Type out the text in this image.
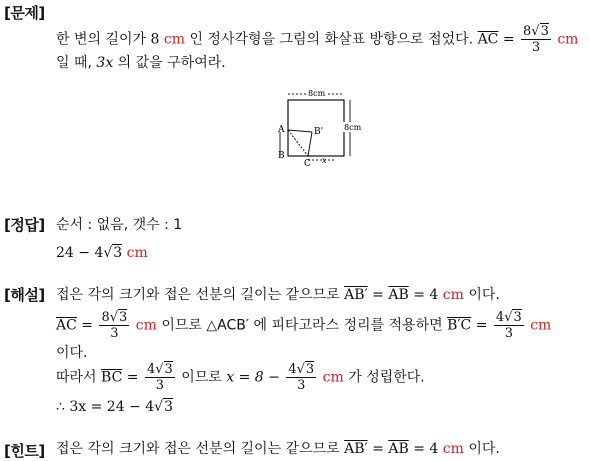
[문제]
한 변의 길이가 8 cm 인 정사각형을 그림의 화살표 방향으로 접었다. $\overline{AC} = \frac{8√3}{3}$ cm
일 때, 3x 의 값을 구하여라.
8cm
8cm
A
B
B'
C x
[정답] 순서 : 없음, 갯수 : 1
24 − 4√3 cm
[해설] 접은 각의 크기와 접은 선분의 길이는 같으므로 $AB' = \overline{AB} = 4$ cm 이다.
$\overline{AC} = \frac{8√3}{3}$ cm 이므로 △ACB′ 에 피타고라스 정리를 적용하면 $B'C = \frac{4√3}{3}$ cm
이다.
따라서 $\overline{BC} = \frac{4√3}{3}$ 이므로 $x = 8 - \frac{4√3}{3}$ cm 가 성립한다.
∴ 3x = 24 − 4√3
[힌트] 접은 각의 크기와 접은 선분의 길이는 같으므로 $AB' = \overline{AB} = 4$ cm 이다.
